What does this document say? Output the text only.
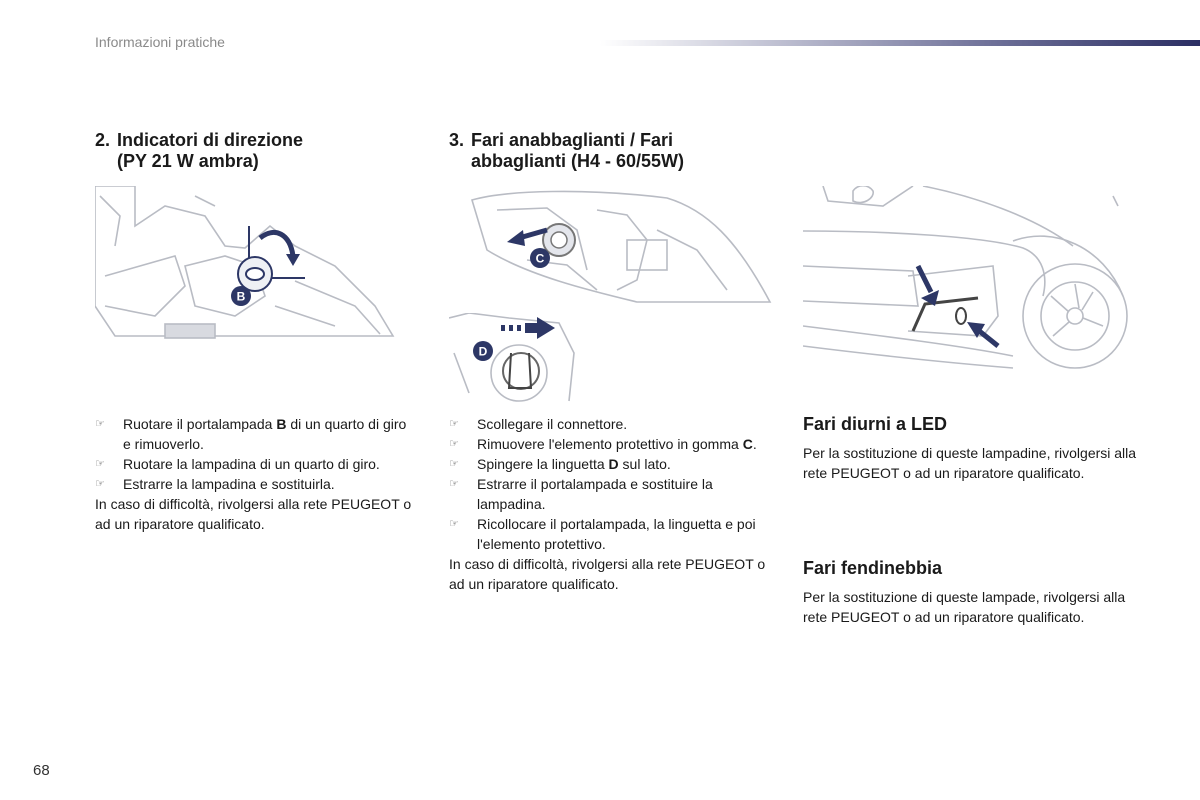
Informazioni pratiche
2. Indicatori di direzione
(PY 21 W ambra)
B
☞ Ruotare il portalampada B di un quarto di giro e rimuoverlo.
☞ Ruotare la lampadina di un quarto di giro.
☞ Estrarre la lampadina e sostituirla.

In caso di difficoltà, rivolgersi alla rete PEUGEOT o ad un riparatore qualificato.

3. Fari anabbaglianti / Fari
abbaglianti (H4 - 60/55W)
C
D
☞ Scollegare il connettore.
☞ Rimuovere l'elemento protettivo in gomma C.
☞ Spingere la linguetta D sul lato.
☞ Estrarre il portalampada e sostituire la lampadina.
☞ Ricollocare il portalampada, la linguetta e poi l'elemento protettivo.

In caso di difficoltà, rivolgersi alla rete PEUGEOT o ad un riparatore qualificato.

Fari diurni a LED

Per la sostituzione di queste lampadine, rivolgersi alla rete PEUGEOT o ad un riparatore qualificato.

Fari fendinebbia

Per la sostituzione di queste lampade, rivolgersi alla rete PEUGEOT o ad un riparatore qualificato.

68
